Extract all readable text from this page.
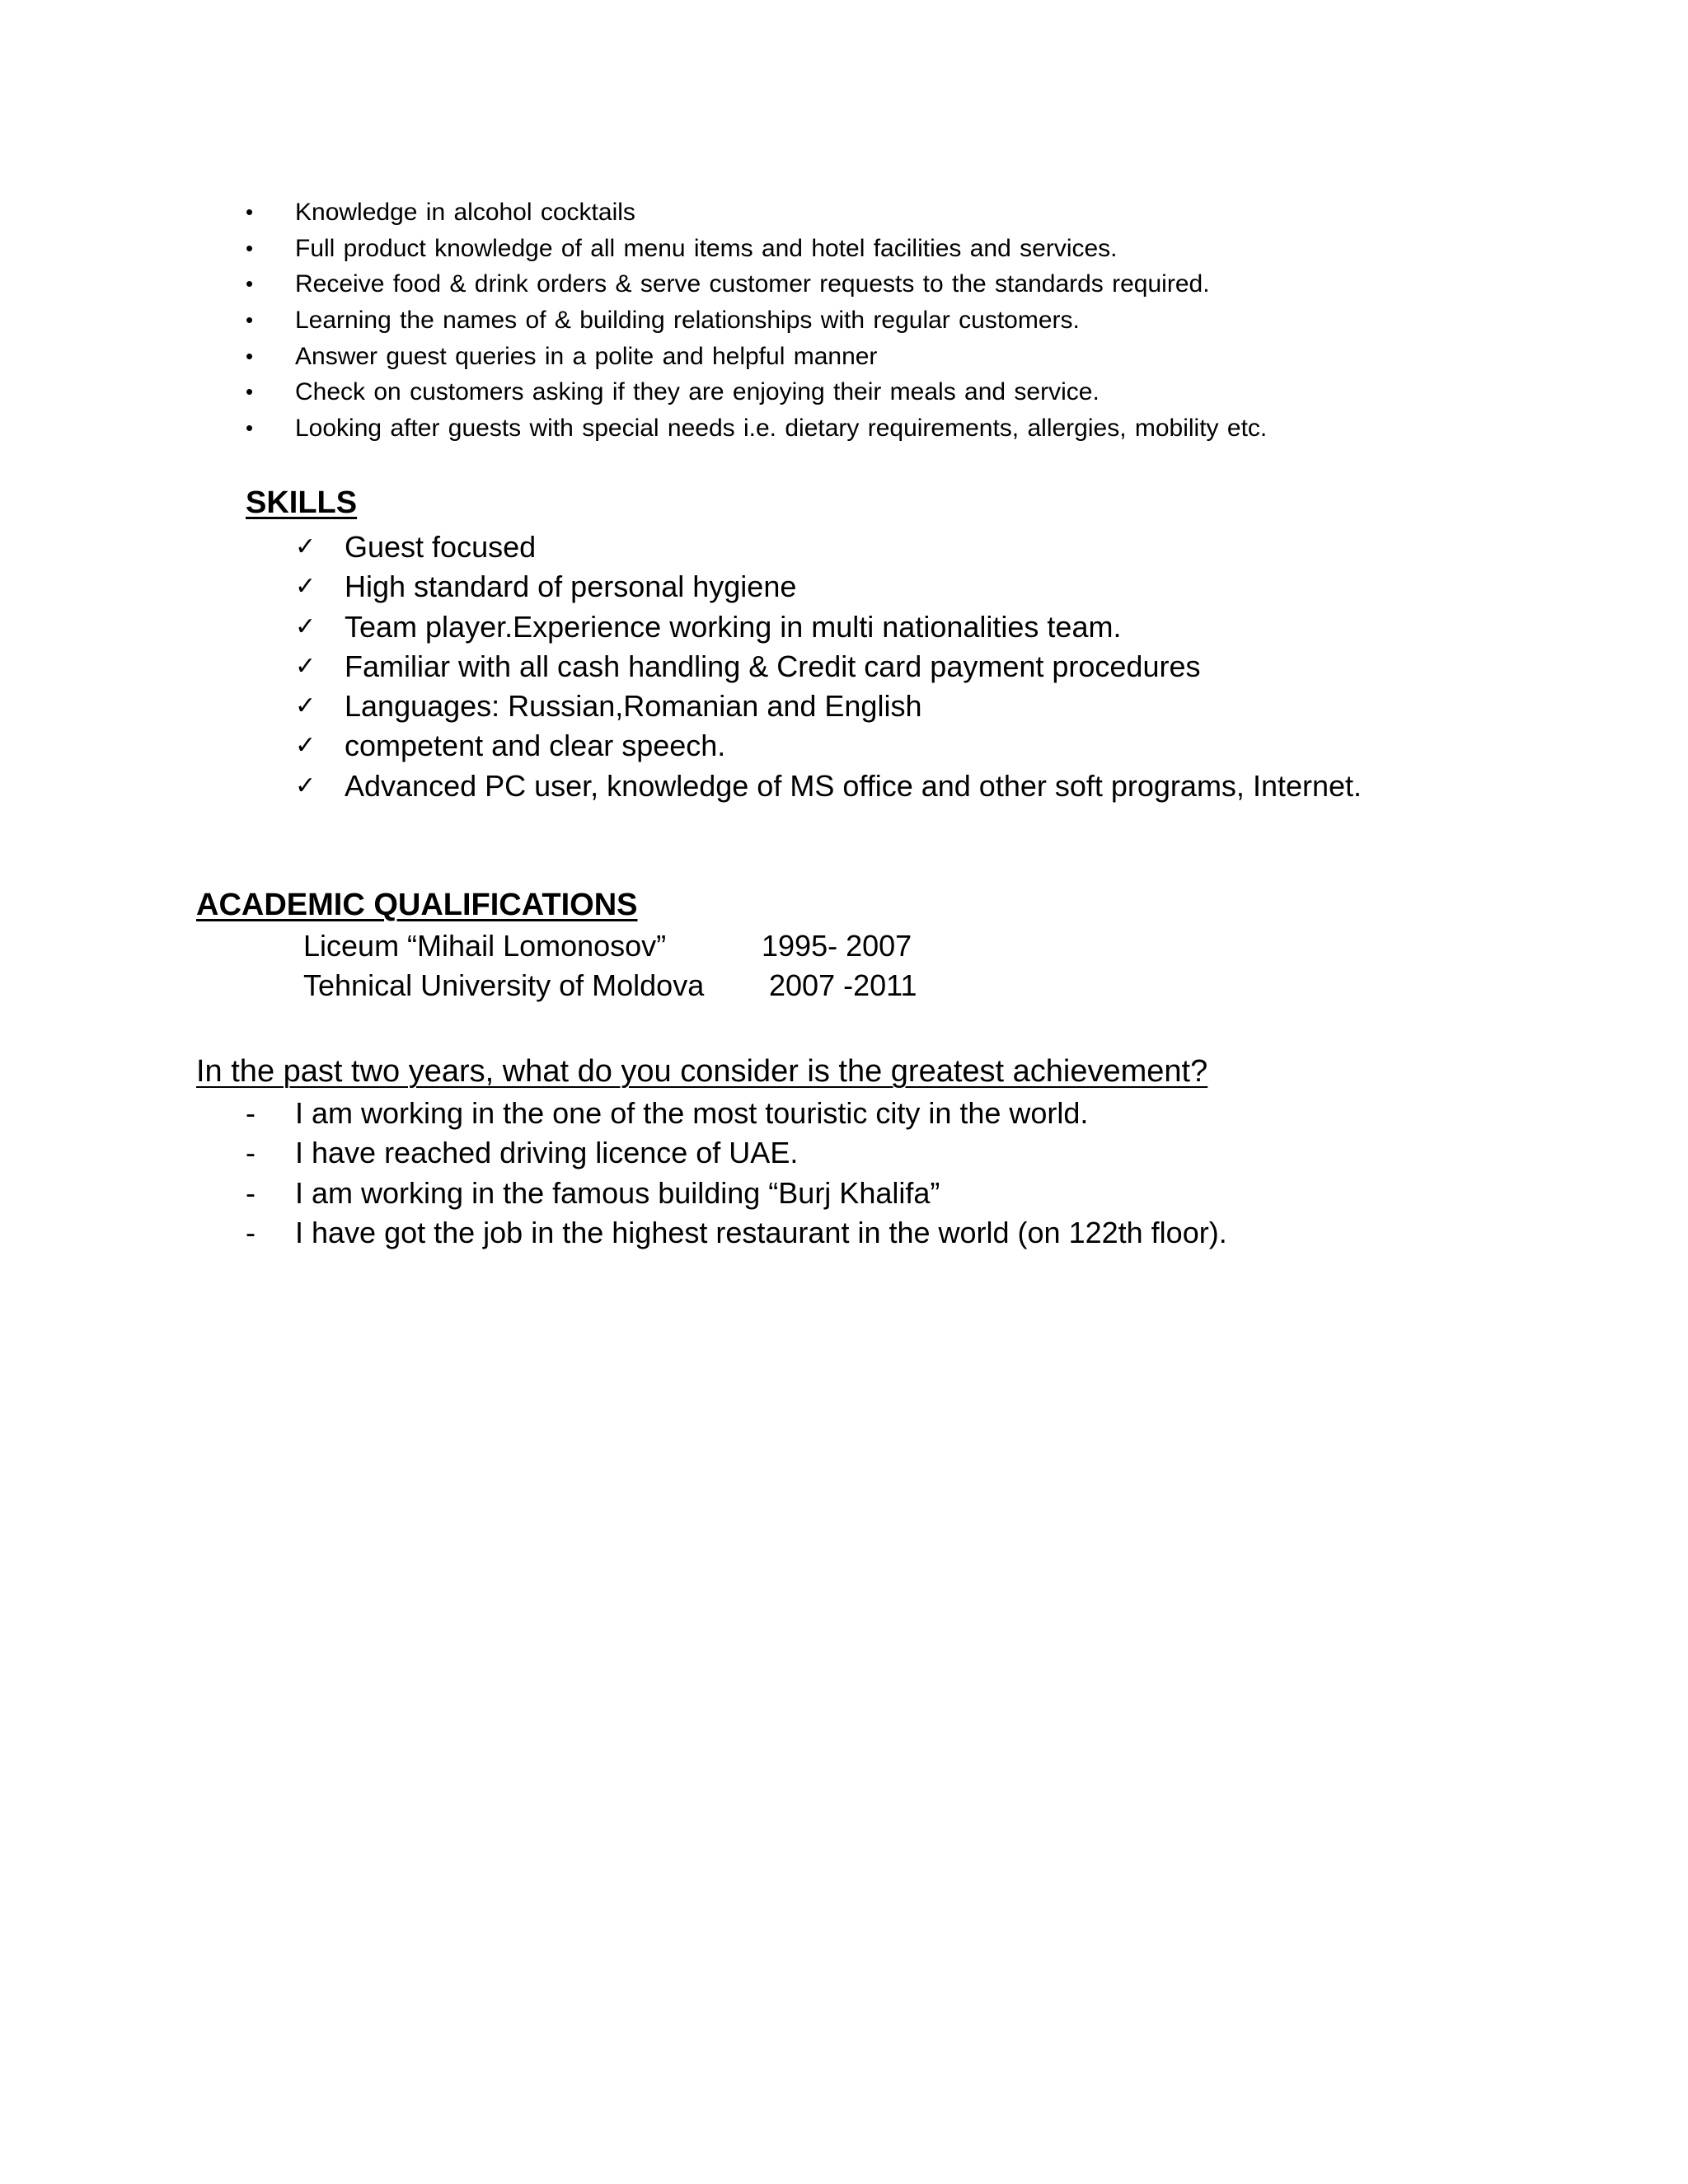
• Knowledge in alcohol cocktails
• Full product knowledge of all menu items and hotel facilities and services.
• Receive food & drink orders & serve customer requests to the standards required.
• Learning the names of & building relationships with regular customers.
• Answer guest queries in a polite and helpful manner
• Check on customers asking if they are enjoying their meals and service.
• Looking after guests with special needs i.e. dietary requirements, allergies, mobility etc.
SKILLS
✓ Guest focused
✓ High standard of personal hygiene
✓ Team player.Experience working in multi nationalities team.
✓ Familiar with all cash handling & Credit card payment procedures
✓ Languages: Russian,Romanian and English
✓ competent and clear speech.
✓ Advanced PC user, knowledge of MS office and other soft programs, Internet.
ACADEMIC QUALIFICATIONS
Liceum “Mihail Lomonosov”	1995- 2007
Tehnical University of Moldova 2007 -2011
In the past two years, what do you consider is the greatest achievement?
- I am working in the one of the most touristic city in the world.
- I have reached driving licence of UAE.
- I am working in the famous building “Burj Khalifa”
- I have got the job in the highest restaurant in the world (on 122th floor).
